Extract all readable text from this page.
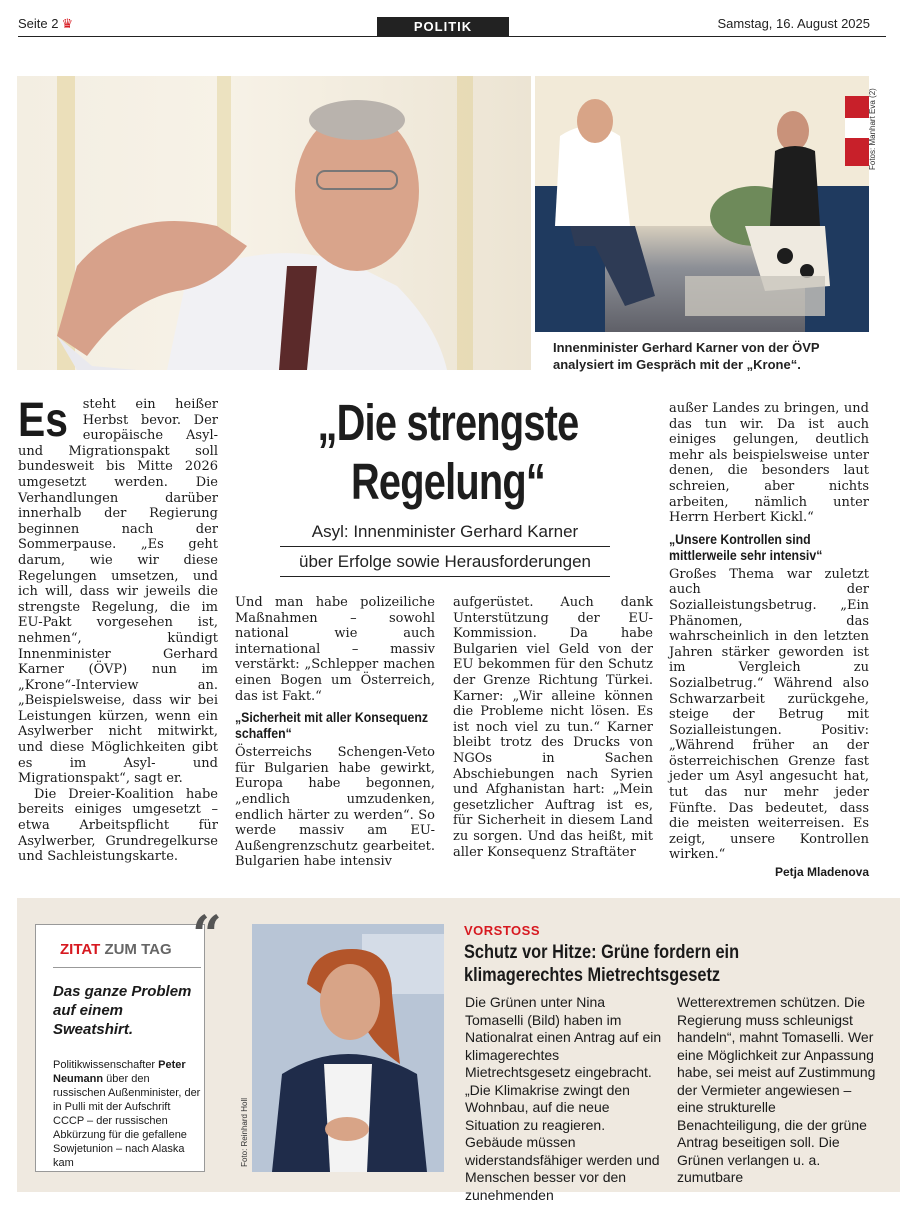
Seite 2 ♛	POLITIK	Samstag, 16. August 2025
Fotos: Manhart Eva (2)
Innenminister Gerhard Karner von der ÖVP analysiert im Gespräch mit der „Krone“.
„Die strengste
Regelung“
Asyl: Innenminister Gerhard Karner
über Erfolge sowie Herausforderungen

Es steht ein heißer Herbst bevor. Der europäische Asyl- und Migrationspakt soll bundesweit bis Mitte 2026 umgesetzt werden. Die Verhandlungen darüber innerhalb der Regierung beginnen nach der Sommerpause. „Es geht darum, wie wir diese Regelungen umsetzen, und ich will, dass wir jeweils die strengste Regelung, die im EU-Pakt vorgesehen ist, nehmen“, kündigt Innenminister Gerhard Karner (ÖVP) nun im „Krone“-Interview an. „Beispielsweise, dass wir bei Leistungen kürzen, wenn ein Asylwerber nicht mitwirkt, und diese Möglichkeiten gibt es im Asyl- und Migrationspakt“, sagt er.

Die Dreier-Koalition habe bereits einiges umgesetzt – etwa Arbeitspflicht für Asylwerber, Grundregelkurse und Sachleistungskarte.

Und man habe polizeiliche Maßnahmen – sowohl national wie auch international – massiv verstärkt: „Schlepper machen einen Bogen um Österreich, das ist Fakt.“

„Sicherheit mit aller Konsequenz schaffen“

Österreichs Schengen-Veto für Bulgarien habe gewirkt, Europa habe begonnen, „endlich umzudenken, endlich härter zu werden“. So werde massiv am EU-Außengrenzschutz gearbeitet. Bulgarien habe intensiv

aufgerüstet. Auch dank Unterstützung der EU-Kommission. Da habe Bulgarien viel Geld von der EU bekommen für den Schutz der Grenze Richtung Türkei. Karner: „Wir alleine können die Probleme nicht lösen. Es ist noch viel zu tun.“ Karner bleibt trotz des Drucks von NGOs in Sachen Abschiebungen nach Syrien und Afghanistan hart: „Mein gesetzlicher Auftrag ist es, für Sicherheit in diesem Land zu sorgen. Und das heißt, mit aller Konsequenz Straftäter

außer Landes zu bringen, und das tun wir. Da ist auch einiges gelungen, deutlich mehr als beispielsweise unter denen, die besonders laut schreien, aber nichts arbeiten, nämlich unter Herrn Herbert Kickl.“

„Unsere Kontrollen sind mittlerweile sehr intensiv“

Großes Thema war zuletzt auch der Sozialleistungsbetrug. „Ein Phänomen, das wahrscheinlich in den letzten Jahren stärker geworden ist im Vergleich zu Sozialbetrug.“ Während also Schwarzarbeit zurückgehe, steige der Betrug mit Sozialleistungen. Positiv: „Während früher an der österreichischen Grenze fast jeder um Asyl angesucht hat, tut das nur mehr jeder Fünfte. Das bedeutet, dass die meisten weiterreisen. Es zeigt, unsere Kontrollen wirken.“

Petja Mladenova
ZITAT ZUM TAG “
Das ganze Problem auf einem Sweatshirt.
Politikwissenschafter Peter Neumann über den russischen Außenminister, der in Pulli mit der Aufschrift CCCP – der russischen Abkürzung für die gefallene Sowjetunion – nach Alaska kam	Foto: Reinhard Holl
VORSTOSS
Schutz vor Hitze: Grüne fordern ein klimagerechtes Mietrechtsgesetz
Die Grünen unter Nina Tomaselli (Bild) haben im Nationalrat einen Antrag auf ein klimagerechtes Mietrechtsgesetz eingebracht. „Die Klimakrise zwingt den Wohnbau, auf die neue Situation zu reagieren. Gebäude müssen widerstandsfähiger werden und Menschen besser vor den zunehmenden
Wetterextremen schützen. Die Regierung muss schleunigst handeln“, mahnt Tomaselli. Wer eine Möglichkeit zur Anpassung habe, sei meist auf Zustimmung der Vermieter angewiesen – eine strukturelle Benachteiligung, die der grüne Antrag beseitigen soll. Die Grünen verlangen u. a. zumutbare
